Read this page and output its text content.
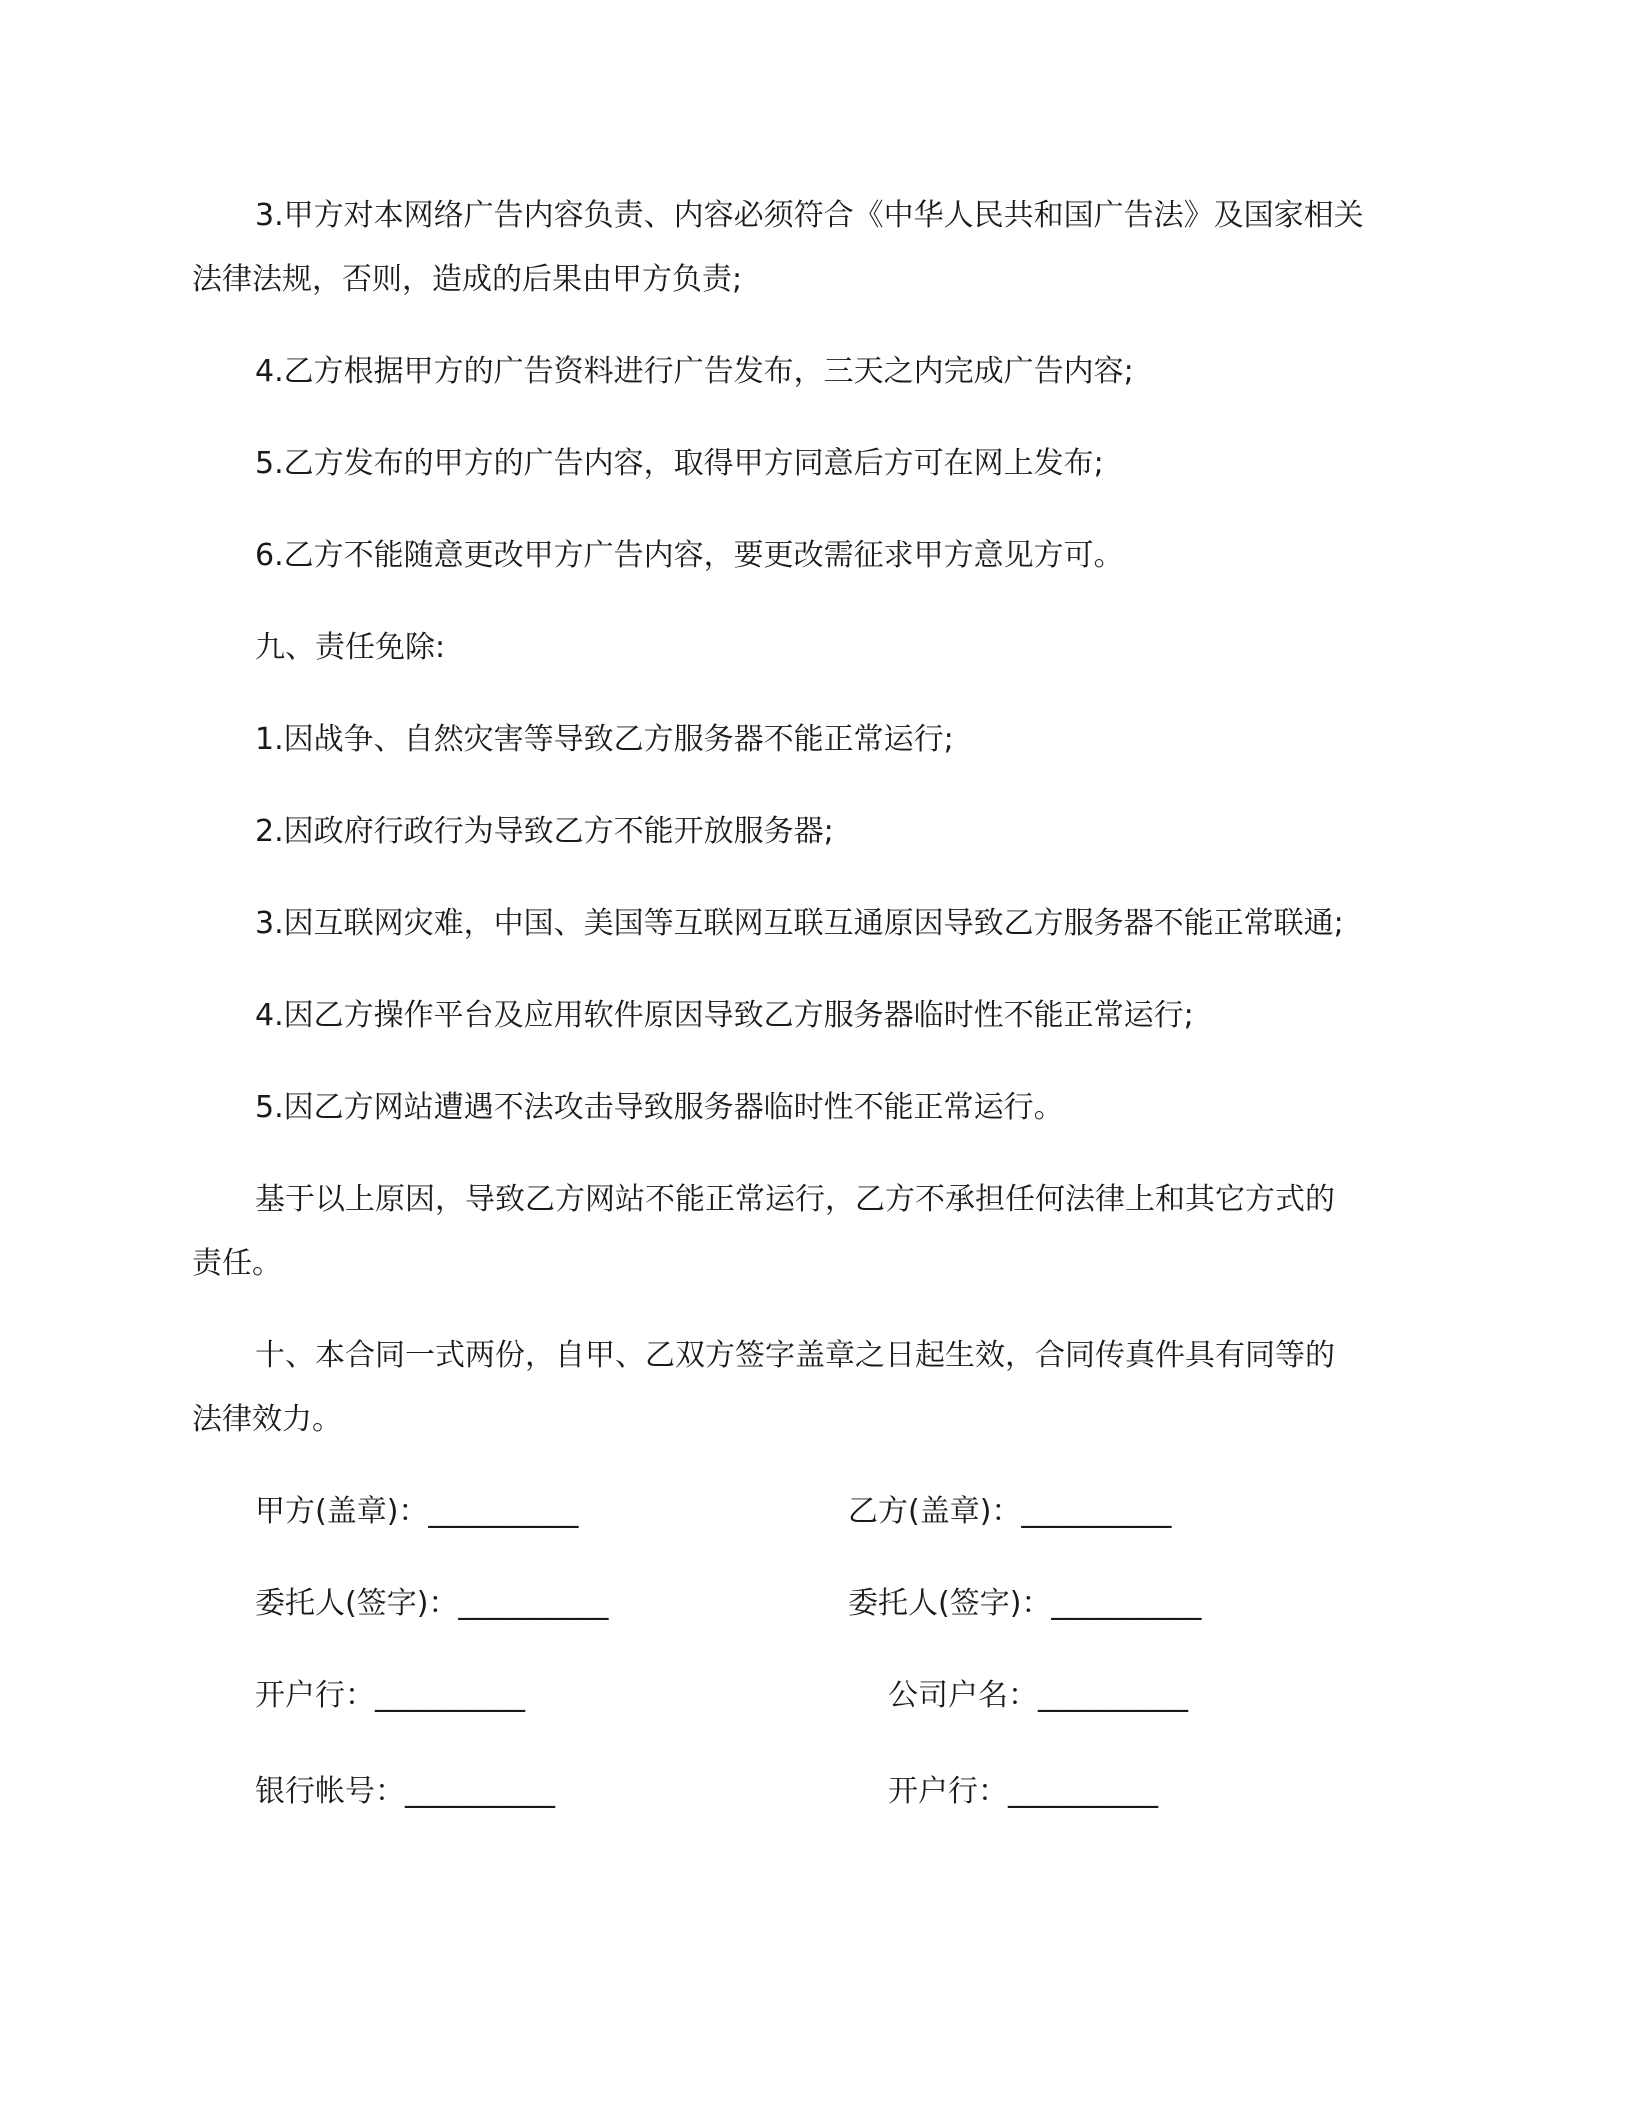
3.甲方对本网络广告内容负责、内容必须符合《中华人民共和国广告法》及国家相关
法律法规，否则，造成的后果由甲方负责;
4.乙方根据甲方的广告资料进行广告发布，三天之内完成广告内容;
5.乙方发布的甲方的广告内容，取得甲方同意后方可在网上发布;
6.乙方不能随意更改甲方广告内容，要更改需征求甲方意见方可。
九、责任免除:
1.因战争、自然灾害等导致乙方服务器不能正常运行;
2.因政府行政行为导致乙方不能开放服务器;
3.因互联网灾难，中国、美国等互联网互联互通原因导致乙方服务器不能正常联通;
4.因乙方操作平台及应用软件原因导致乙方服务器临时性不能正常运行;
5.因乙方网站遭遇不法攻击导致服务器临时性不能正常运行。
基于以上原因，导致乙方网站不能正常运行，乙方不承担任何法律上和其它方式的
责任。
十、本合同一式两份，自甲、乙双方签字盖章之日起生效，合同传真件具有同等的
法律效力。
甲方(盖章)：__________	乙方(盖章)：__________
委托人(签字)：__________	委托人(签字)：__________
开户行：__________	公司户名：__________
银行帐号：__________	开户行：__________
